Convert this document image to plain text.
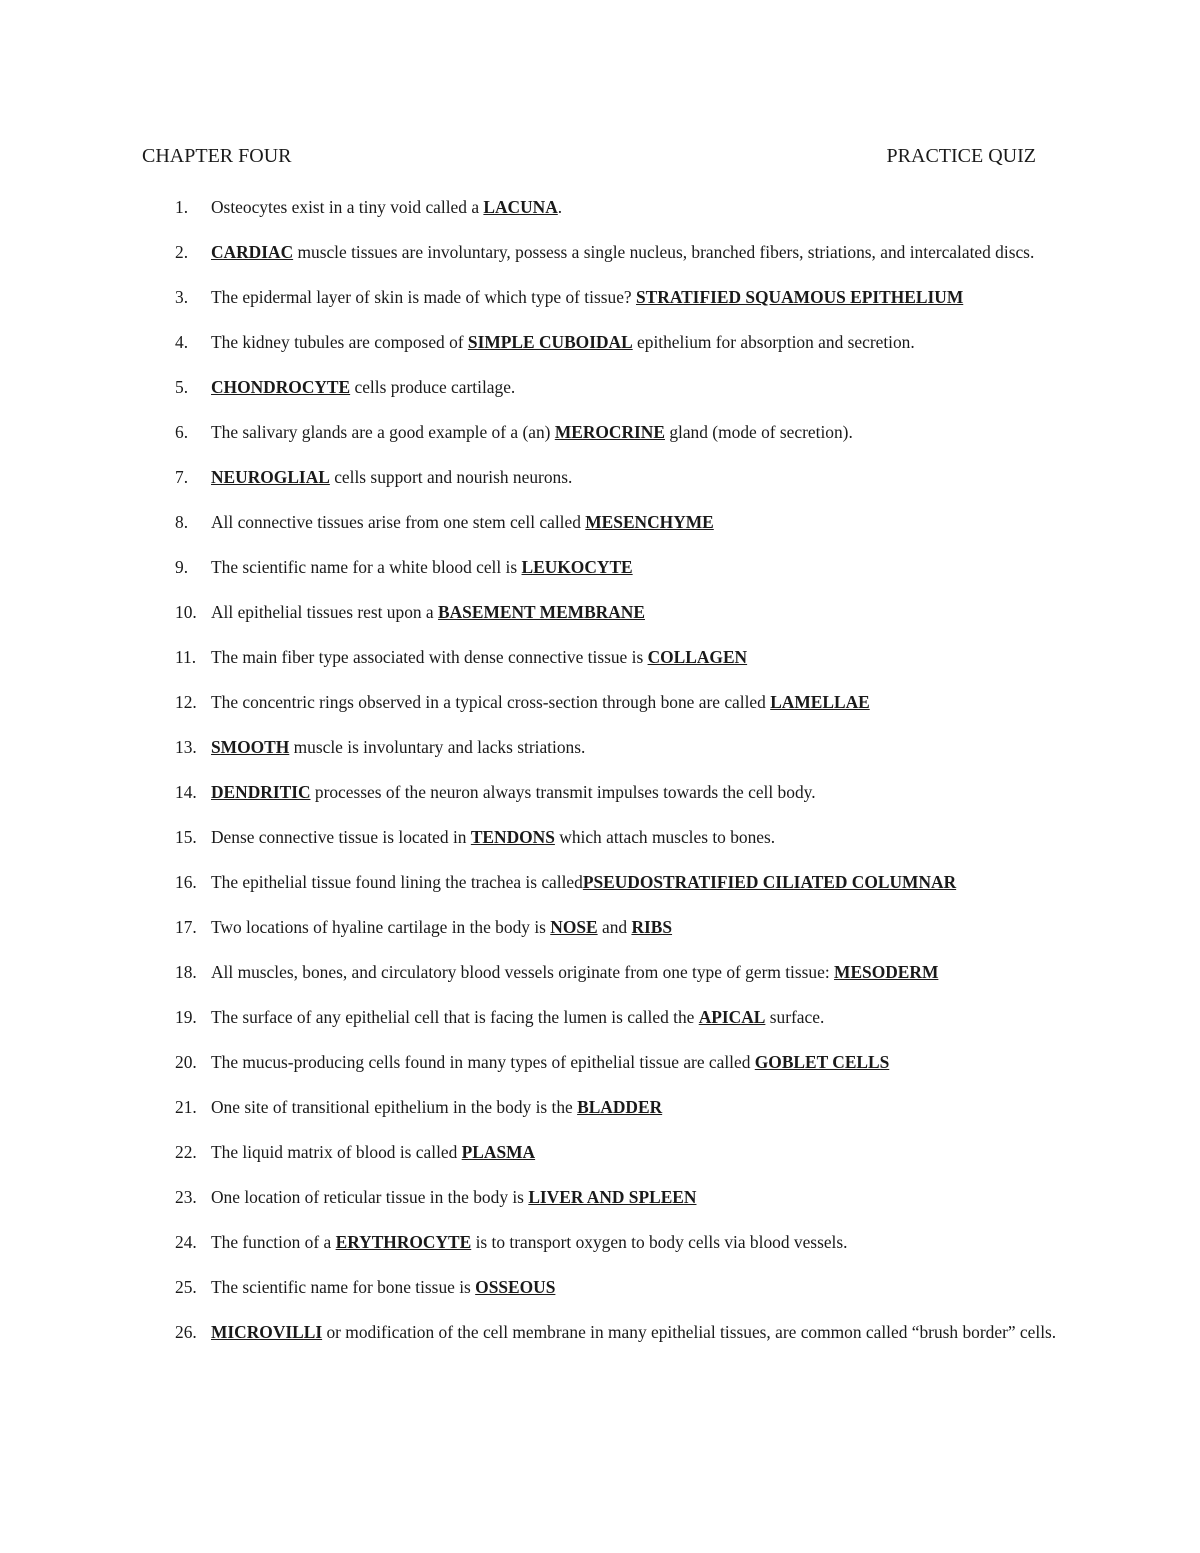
CHAPTER FOUR	PRACTICE QUIZ
1. Osteocytes exist in a tiny void called a LACUNA.
2. CARDIAC muscle tissues are involuntary, possess a single nucleus, branched fibers, striations, and intercalated discs.
3. The epidermal layer of skin is made of which type of tissue? STRATIFIED SQUAMOUS EPITHELIUM
4. The kidney tubules are composed of SIMPLE CUBOIDAL epithelium for absorption and secretion.
5. CHONDROCYTE cells produce cartilage.
6. The salivary glands are a good example of a (an) MEROCRINE gland (mode of secretion).
7. NEUROGLIAL cells support and nourish neurons.
8. All connective tissues arise from one stem cell called MESENCHYME
9. The scientific name for a white blood cell is LEUKOCYTE
10. All epithelial tissues rest upon a BASEMENT MEMBRANE
11. The main fiber type associated with dense connective tissue is COLLAGEN
12. The concentric rings observed in a typical cross-section through bone are called LAMELLAE
13. SMOOTH muscle is involuntary and lacks striations.
14. DENDRITIC processes of the neuron always transmit impulses towards the cell body.
15. Dense connective tissue is located in TENDONS which attach muscles to bones.
16. The epithelial tissue found lining the trachea is calledPSEUDOSTRATIFIED CILIATED COLUMNAR
17. Two locations of hyaline cartilage in the body is NOSE and RIBS
18. All muscles, bones, and circulatory blood vessels originate from one type of germ tissue: MESODERM
19. The surface of any epithelial cell that is facing the lumen is called the APICAL surface.
20. The mucus-producing cells found in many types of epithelial tissue are called GOBLET CELLS
21. One site of transitional epithelium in the body is the BLADDER
22. The liquid matrix of blood is called PLASMA
23. One location of reticular tissue in the body is LIVER AND SPLEEN
24. The function of a ERYTHROCYTE is to transport oxygen to body cells via blood vessels.
25. The scientific name for bone tissue is OSSEOUS
26. MICROVILLI or modification of the cell membrane in many epithelial tissues, are common called “brush border” cells.
